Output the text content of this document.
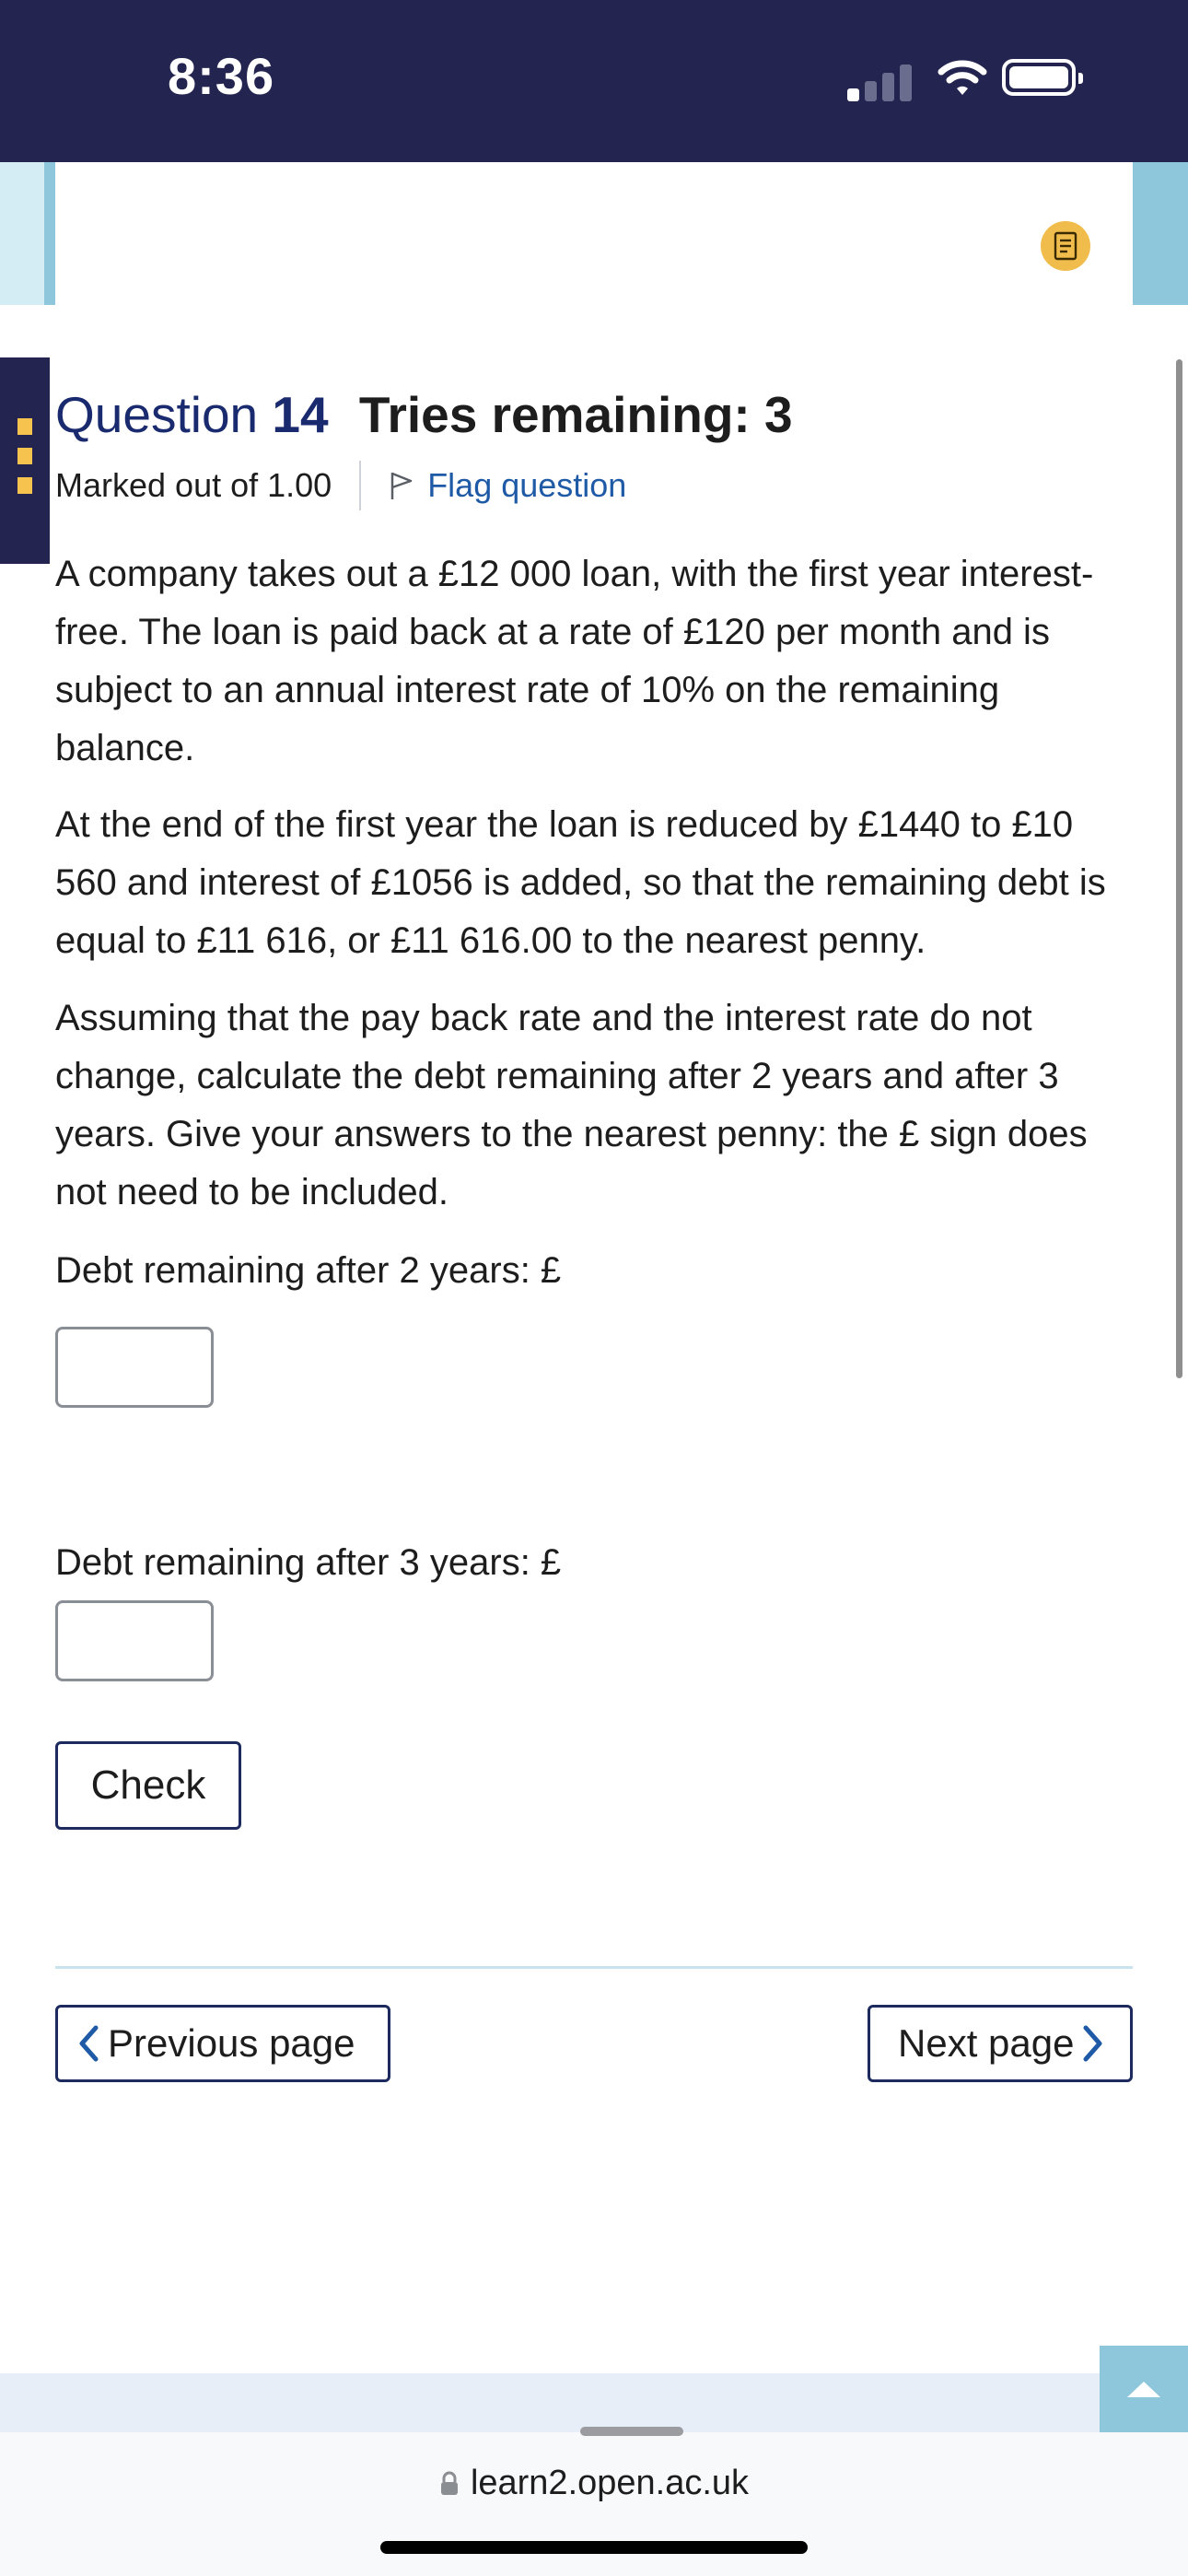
8:36
Question 14 Tries remaining: 3
Marked out of 1.00	Flag question

A company takes out a £12 000 loan, with the first year interest-free. The loan is paid back at a rate of £120 per month and is subject to an annual interest rate of 10% on the remaining balance.

At the end of the first year the loan is reduced by £1440 to £10 560 and interest of £1056 is added, so that the remaining debt is equal to £11 616, or £11 616.00 to the nearest penny.

Assuming that the pay back rate and the interest rate do not change, calculate the debt remaining after 2 years and after 3 years. Give your answers to the nearest penny: the £ sign does not need to be included.

Debt remaining after 2 years: £

Debt remaining after 3 years: £

Check
Previous page	Next page
learn2.open.ac.uk
